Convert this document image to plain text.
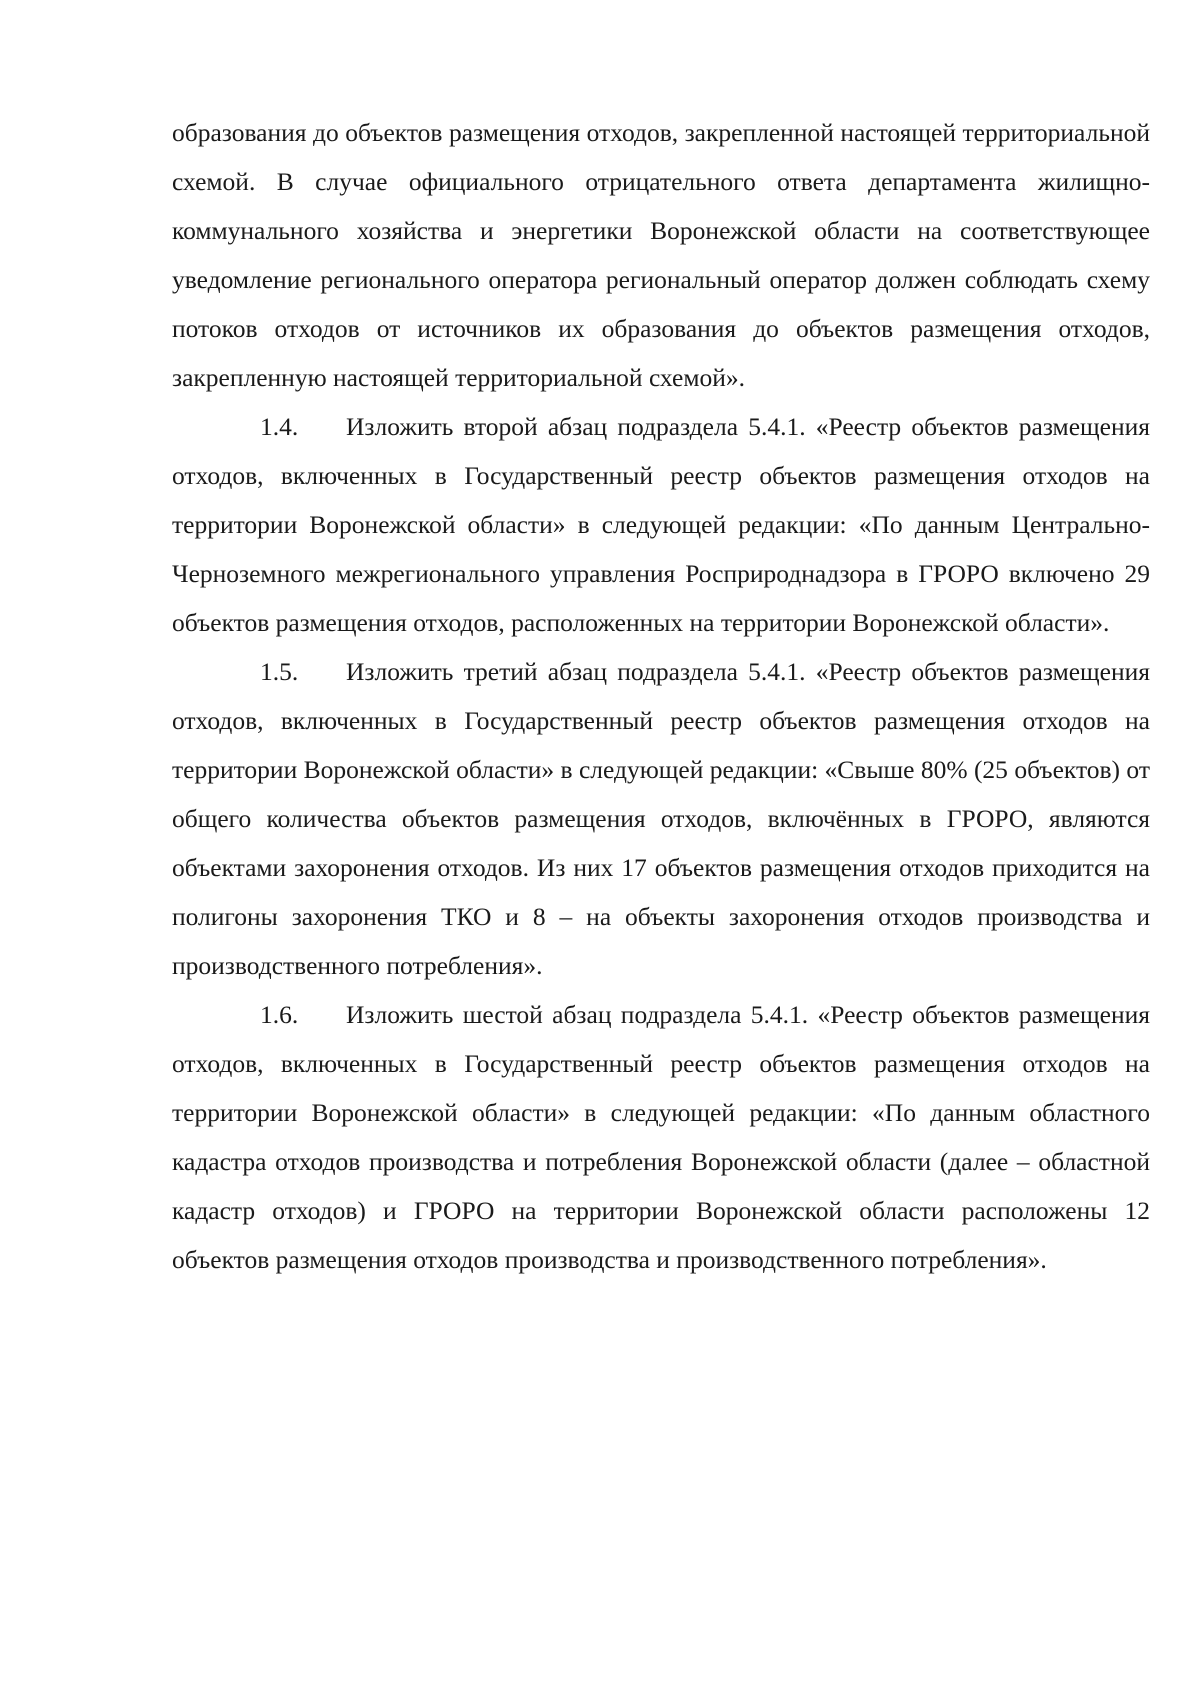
образования до объектов размещения отходов, закрепленной настоящей территориальной схемой. В случае официального отрицательного ответа департамента жилищно-коммунального хозяйства и энергетики Воронежской области на соответствующее уведомление регионального оператора региональный оператор должен соблюдать схему потоков отходов от источников их образования до объектов размещения отходов, закрепленную настоящей территориальной схемой».

1.4. Изложить второй абзац подраздела 5.4.1. «Реестр объектов размещения отходов, включенных в Государственный реестр объектов размещения отходов на территории Воронежской области» в следующей редакции: «По данным Центрально-Черноземного межрегионального управления Росприроднадзора в ГРОРО включено 29 объектов размещения отходов, расположенных на территории Воронежской области».

1.5. Изложить третий абзац подраздела 5.4.1. «Реестр объектов размещения отходов, включенных в Государственный реестр объектов размещения отходов на территории Воронежской области» в следующей редакции: «Свыше 80% (25 объектов) от общего количества объектов размещения отходов, включённых в ГРОРО, являются объектами захоронения отходов. Из них 17 объектов размещения отходов приходится на полигоны захоронения ТКО и 8 – на объекты захоронения отходов производства и производственного потребления».

1.6. Изложить шестой абзац подраздела 5.4.1. «Реестр объектов размещения отходов, включенных в Государственный реестр объектов размещения отходов на территории Воронежской области» в следующей редакции: «По данным областного кадастра отходов производства и потребления Воронежской области (далее – областной кадастр отходов) и ГРОРО на территории Воронежской области расположены 12 объектов размещения отходов производства и производственного потребления».
